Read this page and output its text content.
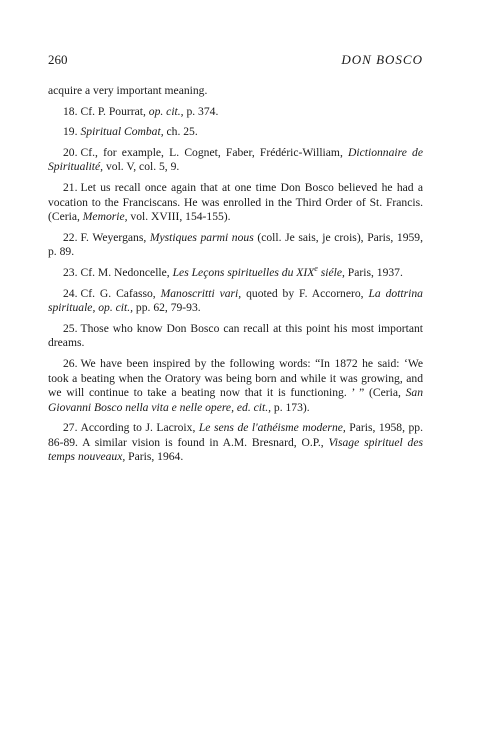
260	DON BOSCO

acquire a very important meaning.

18. Cf. P. Pourrat, op. cit., p. 374.

19. Spiritual Combat, ch. 25.

20. Cf., for example, L. Cognet, Faber, Frédéric-William, Dictionnaire de Spiritualité, vol. V, col. 5, 9.

21. Let us recall once again that at one time Don Bosco believed he had a vocation to the Franciscans. He was enrolled in the Third Order of St. Francis. (Ceria, Memorie, vol. XVIII, 154-155).

22. F. Weyergans, Mystiques parmi nous (coll. Je sais, je crois), Paris, 1959, p. 89.

23. Cf. M. Nedoncelle, Les Leçons spirituelles du XIXe siéle, Paris, 1937.

24. Cf. G. Cafasso, Manoscritti vari, quoted by F. Accornero, La dottrina spirituale, op. cit., pp. 62, 79-93.

25. Those who know Don Bosco can recall at this point his most important dreams.

26. We have been inspired by the following words: “In 1872 he said: ‘We took a beating when the Oratory was being born and while it was growing, and we will continue to take a beating now that it is functioning. ’ ” (Ceria, San Giovanni Bosco nella vita e nelle opere, ed. cit., p. 173).

27. According to J. Lacroix, Le sens de l'athéisme moderne, Paris, 1958, pp. 86-89. A similar vision is found in A.M. Bresnard, O.P., Visage spirituel des temps nouveaux, Paris, 1964.
